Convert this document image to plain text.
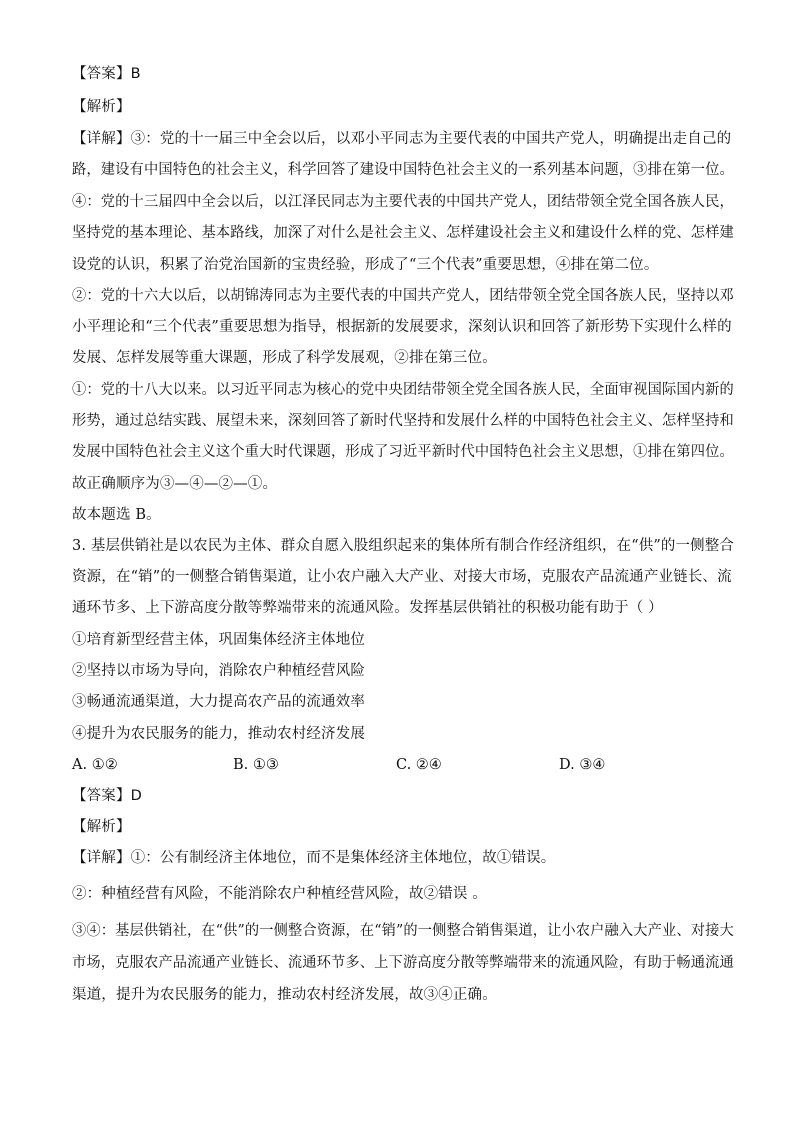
【答案】B
【解析】
【详解】③：党的十一届三中全会以后，以邓小平同志为主要代表的中国共产党人，明确提出走自己的
路，建设有中国特色的社会主义，科学回答了建设中国特色社会主义的一系列基本问题，③排在第一位。
④：党的十三届四中全会以后，以江泽民同志为主要代表的中国共产党人，团结带领全党全国各族人民，
坚持党的基本理论、基本路线，加深了对什么是社会主义、怎样建设社会主义和建设什么样的党、怎样建
设党的认识，积累了治党治国新的宝贵经验，形成了“三个代表”重要思想，④排在第二位。
②：党的十六大以后，以胡锦涛同志为主要代表的中国共产党人，团结带领全党全国各族人民，坚持以邓
小平理论和“三个代表”重要思想为指导，根据新的发展要求，深刻认识和回答了新形势下实现什么样的
发展、怎样发展等重大课题，形成了科学发展观，②排在第三位。
①：党的十八大以来。以习近平同志为核心的党中央团结带领全党全国各族人民，全面审视国际国内新的
形势，通过总结实践、展望未来，深刻回答了新时代坚持和发展什么样的中国特色社会主义、怎样坚持和
发展中国特色社会主义这个重大时代课题，形成了习近平新时代中国特色社会主义思想，①排在第四位。
故正确顺序为③—④—②—①。
故本题选 B。
3. 基层供销社是以农民为主体、群众自愿入股组织起来的集体所有制合作经济组织，在“供”的一侧整合
资源，在“销”的一侧整合销售渠道，让小农户融入大产业、对接大市场，克服农产品流通产业链长、流
通环节多、上下游高度分散等弊端带来的流通风险。发挥基层供销社的积极功能有助于（ ）
①培育新型经营主体，巩固集体经济主体地位
②坚持以市场为导向，消除农户种植经营风险
③畅通流通渠道，大力提高农产品的流通效率
④提升为农民服务的能力，推动农村经济发展
A. ①②	B. ①③	C. ②④	D. ③④
【答案】D
【解析】
【详解】①：公有制经济主体地位，而不是集体经济主体地位，故①错误。
②：种植经营有风险，不能消除农户种植经营风险，故②错误 。
③④：基层供销社，在“供”的一侧整合资源，在“销”的一侧整合销售渠道，让小农户融入大产业、对接大
市场，克服农产品流通产业链长、流通环节多、上下游高度分散等弊端带来的流通风险，有助于畅通流通
渠道，提升为农民服务的能力，推动农村经济发展，故③④正确。
